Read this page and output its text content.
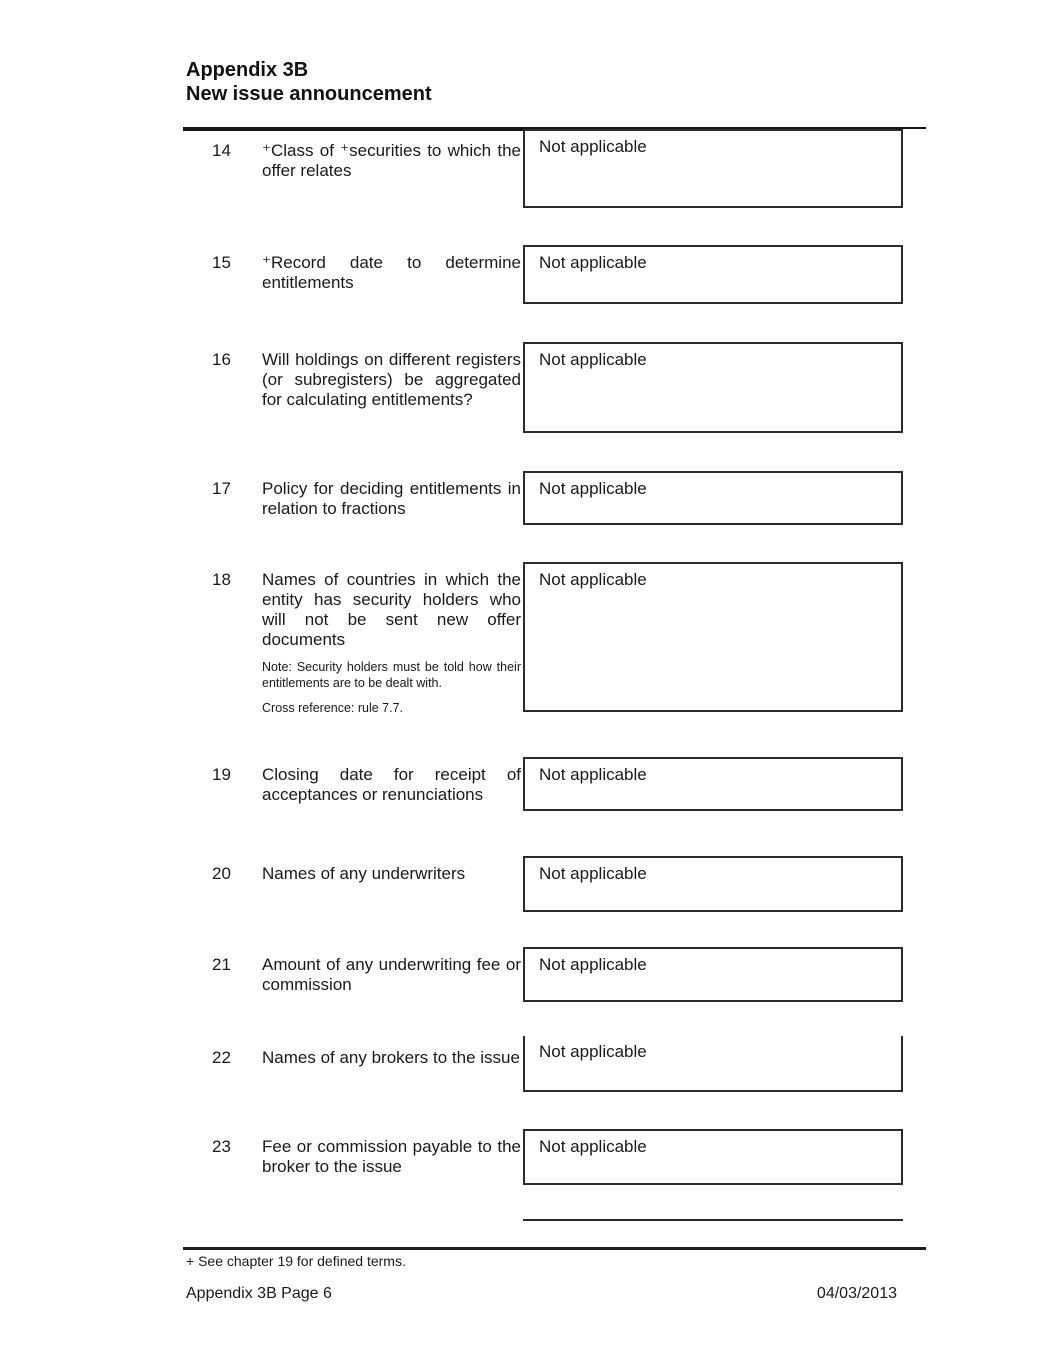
Appendix 3B
New issue announcement
14 ⁺Class of ⁺securities to which the offer relates

Not applicable
15 ⁺Record date to determine entitlements

Not applicable
16 Will holdings on different registers (or subregisters) be aggregated for calculating entitlements?

Not applicable
17 Policy for deciding entitlements in relation to fractions

Not applicable
18 Names of countries in which the entity has security holders who will not be sent new offer documents

Note: Security holders must be told how their entitlements are to be dealt with.

Cross reference: rule 7.7.

Not applicable
19 Closing date for receipt of acceptances or renunciations

Not applicable
20 Names of any underwriters	Not applicable
21 Amount of any underwriting fee or commission

Not applicable
22 Names of any brokers to the issue	Not applicable
23 Fee or commission payable to the broker to the issue

Not applicable
+ See chapter 19 for defined terms.
Appendix 3B Page 6	04/03/2013
